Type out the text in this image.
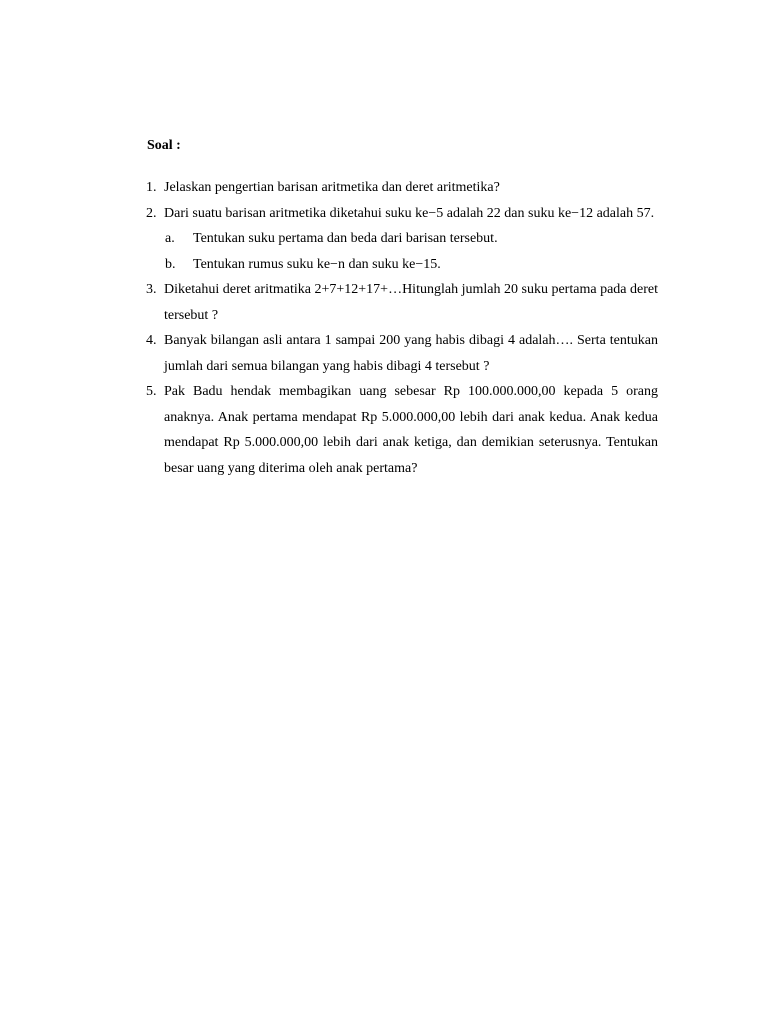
Soal :
1. Jelaskan pengertian barisan aritmetika dan deret aritmetika?
2. Dari suatu barisan aritmetika diketahui suku ke−5 adalah 22 dan suku ke−12 adalah 57.
a. Tentukan suku pertama dan beda dari barisan tersebut.
b. Tentukan rumus suku ke−n dan suku ke−15.
3. Diketahui deret aritmatika 2+7+12+17+…Hitunglah jumlah 20 suku pertama pada deret tersebut ?
4. Banyak bilangan asli antara 1 sampai 200 yang habis dibagi 4 adalah…. Serta tentukan jumlah dari semua bilangan yang habis dibagi 4 tersebut ?
5. Pak Badu hendak membagikan uang sebesar Rp 100.000.000,00 kepada 5 orang anaknya. Anak pertama mendapat Rp 5.000.000,00 lebih dari anak kedua. Anak kedua mendapat Rp 5.000.000,00 lebih dari anak ketiga, dan demikian seterusnya. Tentukan besar uang yang diterima oleh anak pertama?
